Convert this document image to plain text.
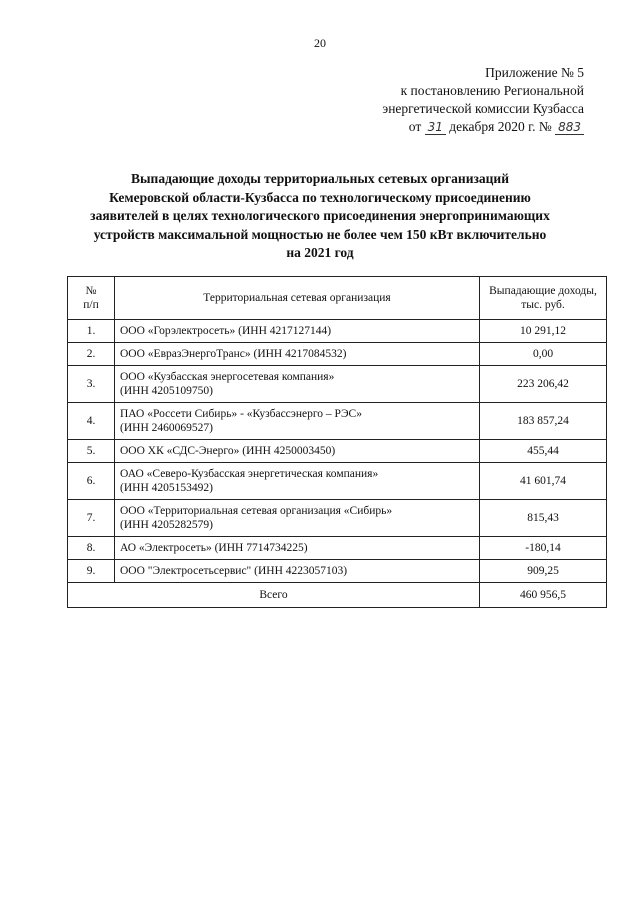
20
Приложение № 5
к постановлению Региональной
энергетической комиссии Кузбасса
от 31 декабря 2020 г. № 883
Выпадающие доходы территориальных сетевых организаций
Кемеровской области-Кузбасса по технологическому присоединению
заявителей в целях технологического присоединения энергопринимающих
устройств максимальной мощностью не более чем 150 кВт включительно
на 2021 год
№
п/п	Территориальная сетевая организация	Выпадающие доходы,
тыс. руб.
1.	ООО «Горэлектросеть» (ИНН 4217127144)	10 291,12
2.	ООО «ЕвразЭнергоТранс» (ИНН 4217084532)	0,00
3.	ООО «Кузбасская энергосетевая компания»
(ИНН 4205109750)	223 206,42
4.	ПАО «Россети Сибирь» - «Кузбассэнерго – РЭС»
(ИНН 2460069527)	183 857,24
5.	ООО ХК «СДС-Энерго» (ИНН 4250003450)	455,44
6.	ОАО «Северо-Кузбасская энергетическая компания»
(ИНН 4205153492)	41 601,74
7.	ООО «Территориальная сетевая организация «Сибирь»
(ИНН 4205282579)	815,43
8.	АО «Электросеть» (ИНН 7714734225)	-180,14
9.	ООО "Электросетьсервис" (ИНН 4223057103)	909,25
Всего		460 956,5
